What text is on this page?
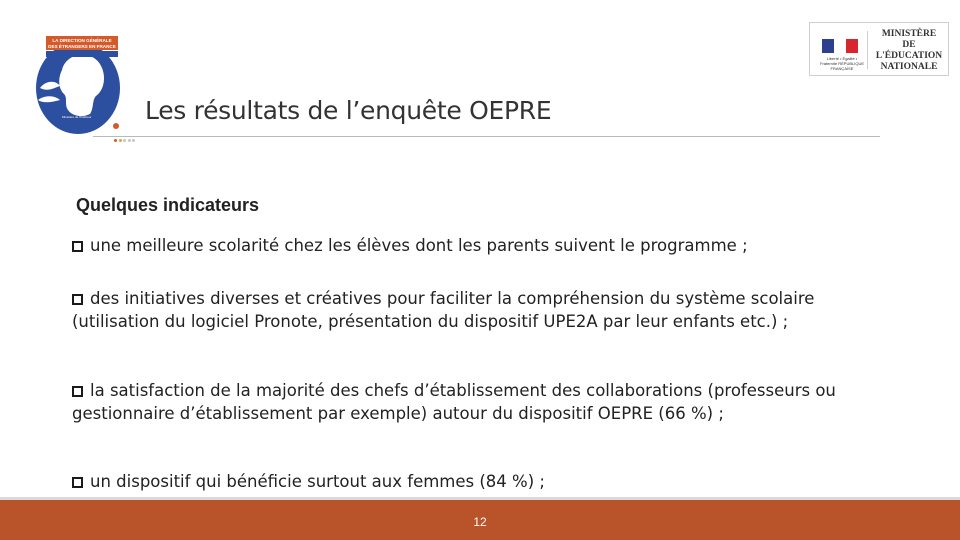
LA DIRECTION GÉNÉRALE
DES ÉTRANGERS EN FRANCE
Ministère de l'Intérieur
Liberté • Égalité • Fraternité RÉPUBLIQUE FRANÇAISE
MINISTÈRE
DE L'ÉDUCATION
NATIONALE
Les résultats de l’enquête OEPRE
Quelques indicateurs

une meilleure scolarité chez les élèves dont les parents suivent le programme ;

des initiatives diverses et créatives pour faciliter la compréhension du système scolaire (utilisation du logiciel Pronote, présentation du dispositif UPE2A par leur enfants etc.) ;

la satisfaction de la majorité des chefs d’établissement des collaborations (professeurs ou gestionnaire d’établissement par exemple) autour du dispositif OEPRE (66 %) ;

un dispositif qui bénéficie surtout aux femmes (84 %) ;

12
